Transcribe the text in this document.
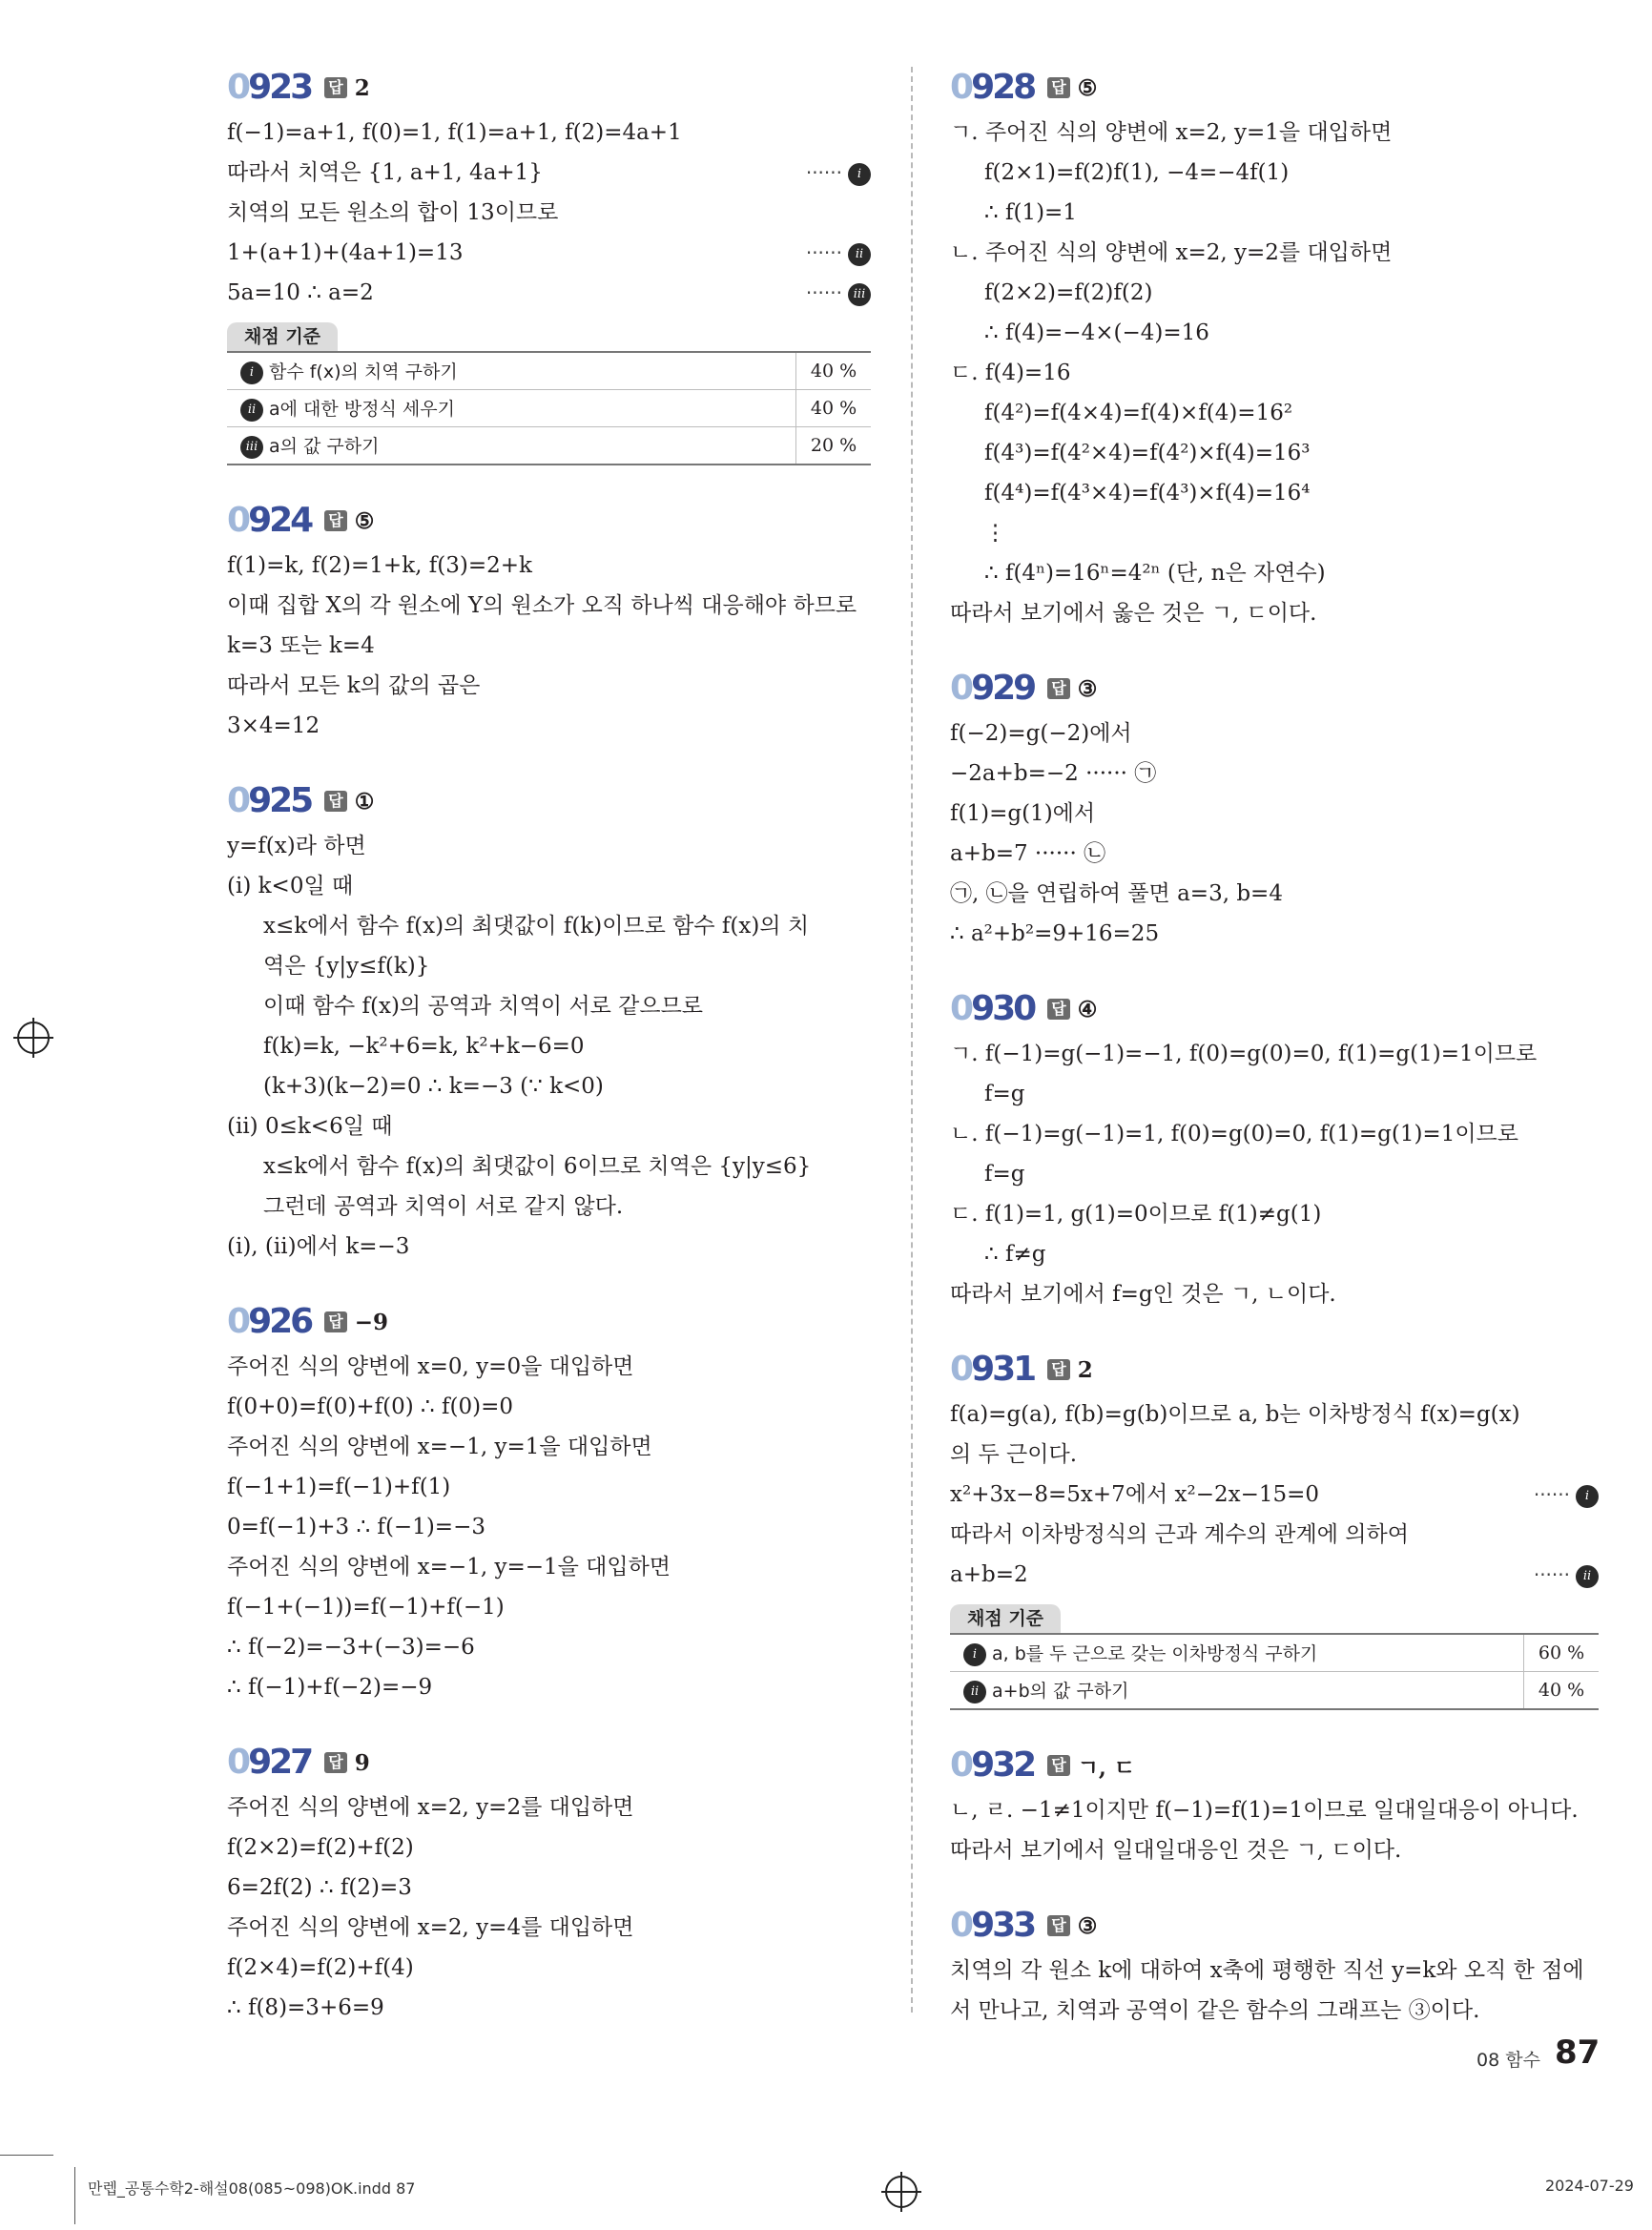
0923 답 2
f(−1)=a+1, f(0)=1, f(1)=a+1, f(2)=4a+1
따라서 치역은 {1, a+1, 4a+1}	······ i
치역의 모든 원소의 합이 13이므로
1+(a+1)+(4a+1)=13	······ ii
5a=10 ∴ a=2	······ iii
채점 기준
i 함수 f(x)의 치역 구하기	40 %
ii a에 대한 방정식 세우기	40 %
iii a의 값 구하기	20 %
0924 답 ⑤
f(1)=k, f(2)=1+k, f(3)=2+k
이때 집합 X의 각 원소에 Y의 원소가 오직 하나씩 대응해야 하므로
k=3 또는 k=4
따라서 모든 k의 값의 곱은
3×4=12
0925 답 ①
y=f(x)라 하면
(i) k<0일 때
x≤k에서 함수 f(x)의 최댓값이 f(k)이므로 함수 f(x)의 치
역은 {y|y≤f(k)}
이때 함수 f(x)의 공역과 치역이 서로 같으므로
f(k)=k, −k²+6=k, k²+k−6=0
(k+3)(k−2)=0 ∴ k=−3 (∵ k<0)
(ii) 0≤k<6일 때
x≤k에서 함수 f(x)의 최댓값이 6이므로 치역은 {y|y≤6}
그런데 공역과 치역이 서로 같지 않다.
(i), (ii)에서 k=−3
0926 답 −9
주어진 식의 양변에 x=0, y=0을 대입하면
f(0+0)=f(0)+f(0) ∴ f(0)=0
주어진 식의 양변에 x=−1, y=1을 대입하면
f(−1+1)=f(−1)+f(1)
0=f(−1)+3 ∴ f(−1)=−3
주어진 식의 양변에 x=−1, y=−1을 대입하면
f(−1+(−1))=f(−1)+f(−1)
∴ f(−2)=−3+(−3)=−6
∴ f(−1)+f(−2)=−9
0927 답 9
주어진 식의 양변에 x=2, y=2를 대입하면
f(2×2)=f(2)+f(2)
6=2f(2) ∴ f(2)=3
주어진 식의 양변에 x=2, y=4를 대입하면
f(2×4)=f(2)+f(4)
∴ f(8)=3+6=9
0928 답 ⑤
ㄱ. 주어진 식의 양변에 x=2, y=1을 대입하면
f(2×1)=f(2)f(1), −4=−4f(1)
∴ f(1)=1
ㄴ. 주어진 식의 양변에 x=2, y=2를 대입하면
f(2×2)=f(2)f(2)
∴ f(4)=−4×(−4)=16
ㄷ. f(4)=16
f(4²)=f(4×4)=f(4)×f(4)=16²
f(4³)=f(4²×4)=f(4²)×f(4)=16³
f(4⁴)=f(4³×4)=f(4³)×f(4)=16⁴
⋮
∴ f(4ⁿ)=16ⁿ=4²ⁿ (단, n은 자연수)
따라서 보기에서 옳은 것은 ㄱ, ㄷ이다.
0929 답 ③
f(−2)=g(−2)에서
−2a+b=−2 ······ ㉠
f(1)=g(1)에서
a+b=7 ······ ㉡
㉠, ㉡을 연립하여 풀면 a=3, b=4
∴ a²+b²=9+16=25
0930 답 ④
ㄱ. f(−1)=g(−1)=−1, f(0)=g(0)=0, f(1)=g(1)=1이므로
f=g
ㄴ. f(−1)=g(−1)=1, f(0)=g(0)=0, f(1)=g(1)=1이므로
f=g
ㄷ. f(1)=1, g(1)=0이므로 f(1)≠g(1)
∴ f≠g
따라서 보기에서 f=g인 것은 ㄱ, ㄴ이다.
0931 답 2
f(a)=g(a), f(b)=g(b)이므로 a, b는 이차방정식 f(x)=g(x)
의 두 근이다.
x²+3x−8=5x+7에서 x²−2x−15=0	······ i
따라서 이차방정식의 근과 계수의 관계에 의하여
a+b=2	······ ii
채점 기준
i a, b를 두 근으로 갖는 이차방정식 구하기	60 %
ii a+b의 값 구하기	40 %
0932 답 ㄱ, ㄷ
ㄴ, ㄹ. −1≠1이지만 f(−1)=f(1)=1이므로 일대일대응이 아니다.
따라서 보기에서 일대일대응인 것은 ㄱ, ㄷ이다.
0933 답 ③
치역의 각 원소 k에 대하여 x축에 평행한 직선 y=k와 오직 한 점에
서 만나고, 치역과 공역이 같은 함수의 그래프는 ③이다.
08 함수 87
만렙_공통수학2-해설08(085~098)OK.indd 87	2024-07-29
